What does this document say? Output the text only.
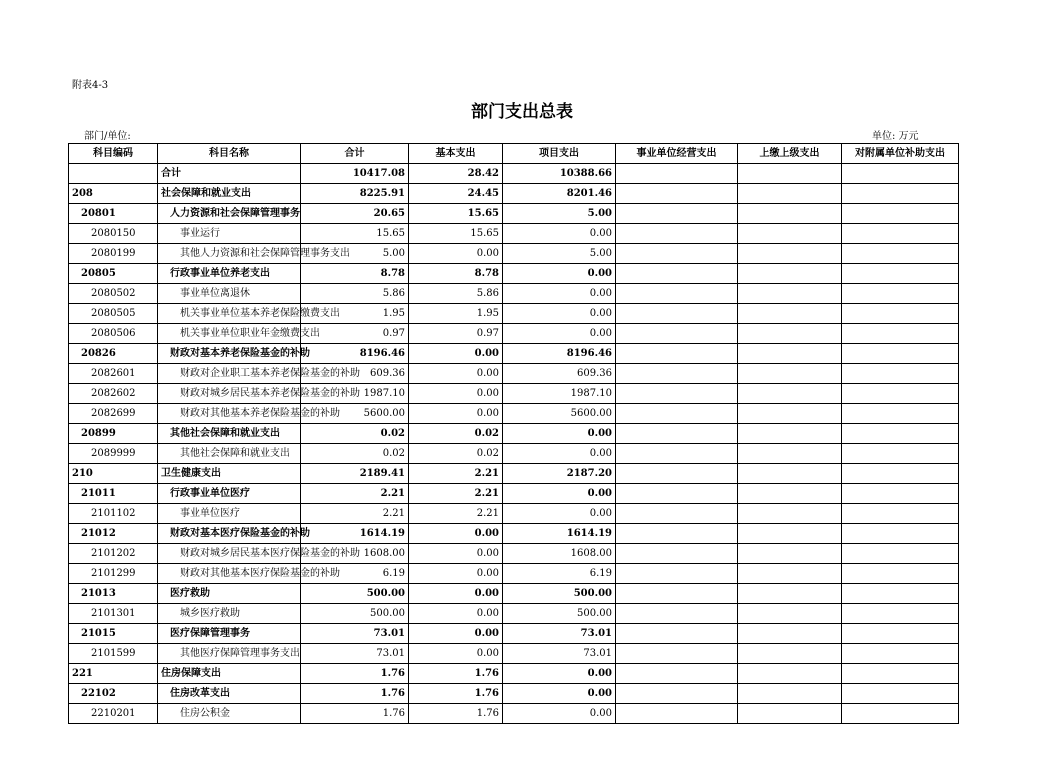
附表4-3
部门支出总表
部门/单位:	单位: 万元
科目编码	科目名称	合计	基本支出	项目支出	事业单位经营支出	上缴上级支出	对附属单位补助支出
	合计	10417.08	28.42	10388.66			
208	社会保障和就业支出	8225.91	24.45	8201.46			
20801	人力资源和社会保障管理事务	20.65	15.65	5.00			
2080150	事业运行	15.65	15.65	0.00			
2080199	其他人力资源和社会保障管理事务支出	5.00	0.00	5.00			
20805	行政事业单位养老支出	8.78	8.78	0.00			
2080502	事业单位离退休	5.86	5.86	0.00			
2080505	机关事业单位基本养老保险缴费支出	1.95	1.95	0.00			
2080506	机关事业单位职业年金缴费支出	0.97	0.97	0.00			
20826	财政对基本养老保险基金的补助	8196.46	0.00	8196.46			
2082601	财政对企业职工基本养老保险基金的补助	609.36	0.00	609.36			
2082602	财政对城乡居民基本养老保险基金的补助	1987.10	0.00	1987.10			
2082699	财政对其他基本养老保险基金的补助	5600.00	0.00	5600.00			
20899	其他社会保障和就业支出	0.02	0.02	0.00			
2089999	其他社会保障和就业支出	0.02	0.02	0.00			
210	卫生健康支出	2189.41	2.21	2187.20			
21011	行政事业单位医疗	2.21	2.21	0.00			
2101102	事业单位医疗	2.21	2.21	0.00			
21012	财政对基本医疗保险基金的补助	1614.19	0.00	1614.19			
2101202	财政对城乡居民基本医疗保险基金的补助	1608.00	0.00	1608.00			
2101299	财政对其他基本医疗保险基金的补助	6.19	0.00	6.19			
21013	医疗救助	500.00	0.00	500.00			
2101301	城乡医疗救助	500.00	0.00	500.00			
21015	医疗保障管理事务	73.01	0.00	73.01			
2101599	其他医疗保障管理事务支出	73.01	0.00	73.01			
221	住房保障支出	1.76	1.76	0.00			
22102	住房改革支出	1.76	1.76	0.00			
2210201	住房公积金	1.76	1.76	0.00			
